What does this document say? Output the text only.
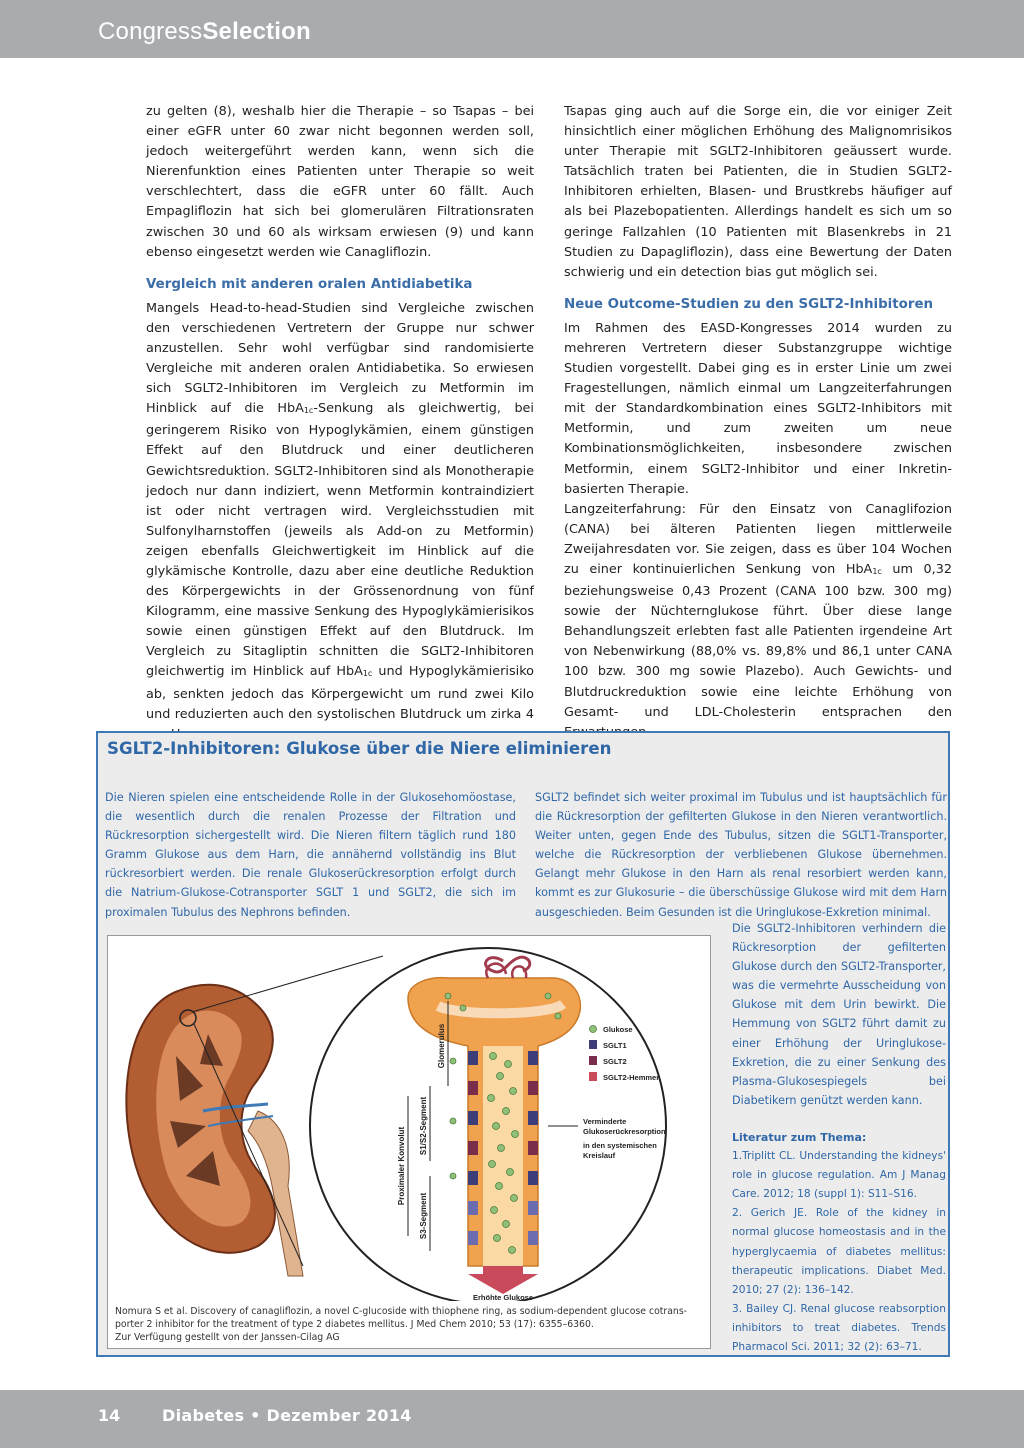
CongressSelection

zu gelten (8), weshalb hier die Therapie – so Tsapas – bei einer eGFR unter 60 zwar nicht begonnen werden soll, jedoch weitergeführt werden kann, wenn sich die Nierenfunktion eines Patienten unter Therapie so weit verschlechtert, dass die eGFR unter 60 fällt. Auch Empagliflozin hat sich bei glomerulären Filtrationsraten zwischen 30 und 60 als wirksam erwiesen (9) und kann ebenso eingesetzt werden wie Canagliflozin.

Vergleich mit anderen oralen Antidiabetika

Mangels Head-to-head-Studien sind Vergleiche zwischen den verschiedenen Vertretern der Gruppe nur schwer anzustellen. Sehr wohl verfügbar sind randomisierte Vergleiche mit anderen oralen Antidiabetika. So erwiesen sich SGLT2-Inhibitoren im Vergleich zu Metformin im Hinblick auf die HbA$_{1c}$-Senkung als gleichwertig, bei geringerem Risiko von Hypoglykämien, einem günstigen Effekt auf den Blutdruck und einer deutlicheren Gewichtsreduktion. SGLT2-Inhibitoren sind als Monotherapie jedoch nur dann indiziert, wenn Metformin kontraindiziert ist oder nicht vertragen wird. Vergleichsstudien mit Sulfonylharnstoffen (jeweils als Add-on zu Metformin) zeigen ebenfalls Gleichwertigkeit im Hinblick auf die glykämische Kontrolle, dazu aber eine deutliche Reduktion des Körpergewichts in der Grössenordnung von fünf Kilogramm, eine massive Senkung des Hypoglykämierisikos sowie einen günstigen Effekt auf den Blutdruck. Im Vergleich zu Sitagliptin schnitten die SGLT2-Inhibitoren gleichwertig im Hinblick auf HbA$_{1c}$ und Hypoglykämierisiko ab, senkten jedoch das Körpergewicht um rund zwei Kilo und reduzierten auch den systolischen Blutdruck um zirka 4

Tsapas ging auch auf die Sorge ein, die vor einiger Zeit hinsichtlich einer möglichen Erhöhung des Malignomrisikos unter Therapie mit SGLT2-Inhibitoren geäussert wurde. Tatsächlich traten bei Patienten, die in Studien SGLT2-Inhibitoren erhielten, Blasen- und Brustkrebs häufiger auf als bei Plazebopatienten. Allerdings handelt es sich um so geringe Fallzahlen (10 Patienten mit Blasenkrebs in 21 Studien zu Dapagliflozin), dass eine Bewertung der Daten schwierig und ein detection bias gut möglich sei.

Neue Outcome-Studien zu den SGLT2-Inhibitoren

Im Rahmen des EASD-Kongresses 2014 wurden zu mehreren Vertretern dieser Substanzgruppe wichtige Studien vorgestellt. Dabei ging es in erster Linie um zwei Fragestellungen, nämlich einmal um Langzeiterfahrungen mit der Standardkombination eines SGLT2-Inhibitors mit Metformin, und zum zweiten um neue Kombinationsmöglichkeiten, insbesondere zwischen Metformin, einem SGLT2-Inhibitor und einer Inkretin-basierten Therapie.

Langzeiterfahrung: Für den Einsatz von Canaglifozion (CANA) bei älteren Patienten liegen mittlerweile Zweijahresdaten vor. Sie zeigen, dass es über 104 Wochen zu einer kontinuierlichen Senkung von HbA$_{1c}$ um 0,32 beziehungsweise 0,43 Prozent (CANA 100 bzw. 300 mg) sowie der Nüchternglukose führt. Über diese lange Behandlungszeit erlebten fast alle Patienten irgendeine Art von Nebenwirkung (88,0% vs. 89,8% und 86,1 unter CANA 100 bzw. 300 mg sowie Plazebo). Auch Gewichts- und Blutdruckreduktion sowie eine leichte Erhöhung von Gesamt- und LDL-Cholesterin entsprachen den

SGLT2-Inhibitoren: Glukose über die Niere eliminieren

Die Nieren spielen eine entscheidende Rolle in der Glukosehomöostase, die wesentlich durch die renalen Prozesse der Filtration und Rückresorption sichergestellt wird. Die Nieren filtern täglich rund 180 Gramm Glukose aus dem Harn, die annähernd vollständig ins Blut rückresorbiert werden. Die renale Glukoserückresorption erfolgt durch die Natrium-Glukose-Cotransporter SGLT 1 und SGLT2, die sich im proximalen Tubulus des Nephrons befinden.

SGLT2 befindet sich weiter proximal im Tubulus und ist hauptsächlich für die Rückresorption der gefilterten Glukose in den Nieren verantwortlich. Weiter unten, gegen Ende des Tubulus, sitzen die SGLT1-Transporter, welche die Rückresorption der verbliebenen Glukose übernehmen. Gelangt mehr Glukose in den Harn als renal resorbiert werden kann, kommt es zur Glukosurie – die überschüssige Glukose wird mit dem Harn ausgeschieden. Beim Gesunden ist die Uringlukose-Exkretion minimal.

Glomerulus
S1/S2-Segment
Proximaler Konvolut
S3-Segment
Glukose
SGLT1
SGLT2
SGLT2-Hemmer
Verminderte
Glukoserückresorption
in den systemischen
Kreislauf
Erhöhte Glukose
Nomura S et al. Discovery of canagliflozin, a novel C-glucoside with thiophene ring, as sodium-dependent glucose cotrans-
porter 2 inhibitor for the treatment of type 2 diabetes mellitus. J Med Chem 2010; 53 (17): 6355–6360.
Zur Verfügung gestellt von der Janssen-Cilag AG

Die SGLT2-Inhibitoren verhindern die Rückresorption der gefilterten Glukose durch den SGLT2-Transporter, was die vermehrte Ausscheidung von Glukose mit dem Urin bewirkt. Die Hemmung von SGLT2 führt damit zu einer Erhöhung der Uringlukose-Exkretion, die zu einer Senkung des Plasma-Glukosespiegels bei Diabetikern genützt werden kann.

Literatur zum Thema:

1.Triplitt CL. Understanding the kidneys' role in glucose regulation. Am J Manag Care. 2012; 18 (suppl 1): S11–S16.

2. Gerich JE. Role of the kidney in normal glucose homeostasis and in the hyperglycaemia of diabetes mellitus: therapeutic implications. Diabet Med. 2010; 27 (2): 136–142.

3. Bailey CJ. Renal glucose reabsorption inhibitors to treat diabetes. Trends Pharmacol Sci. 2011; 32 (2): 63–71.

14	Diabetes • Dezember 2014
